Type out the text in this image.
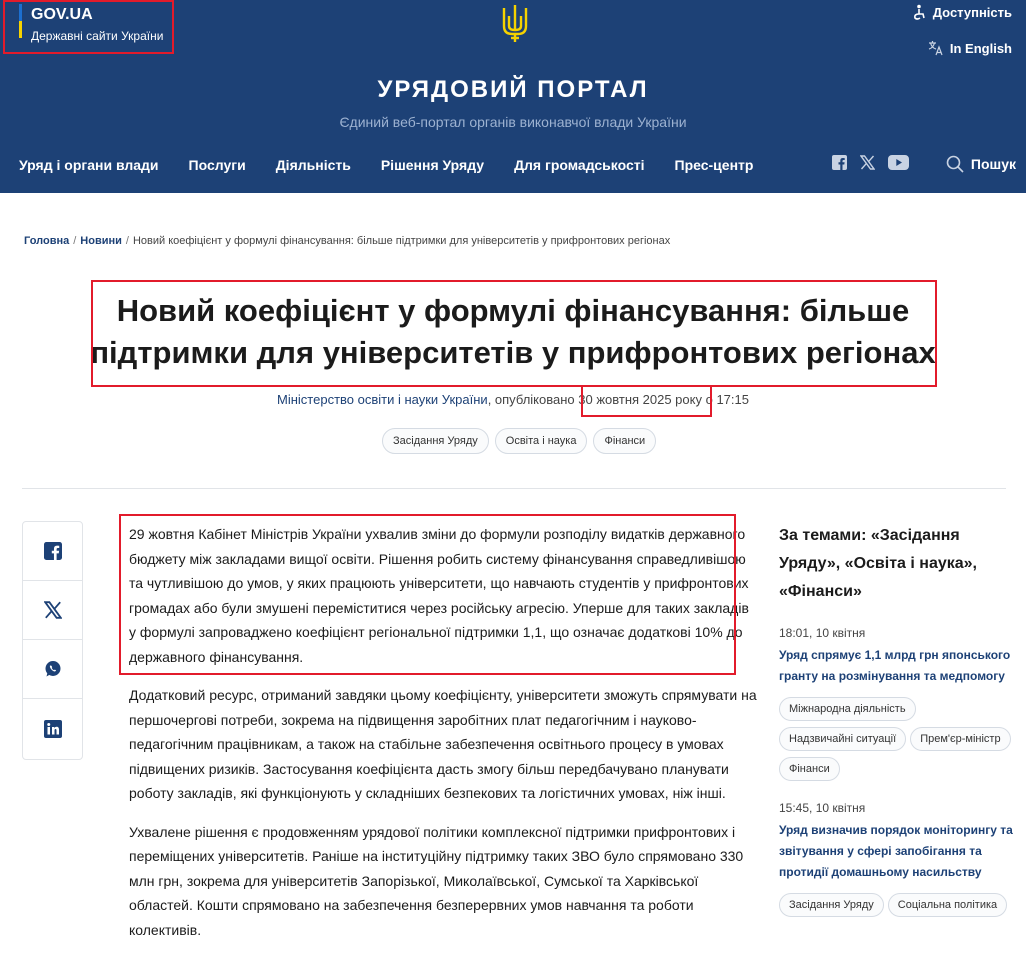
GOV.UA
Державні сайти України
Доступність
In English
УРЯДОВИЙ ПОРТАЛ
Єдиний веб-портал органів виконавчої влади України
Уряд і органи влади Послуги Діяльність Рішення Уряду Для громадськості Прес-центр	Пошук
Головна / Новини / Новий коефіцієнт у формулі фінансування: більше підтримки для університетів у прифронтових регіонах
Новий коефіцієнт у формулі фінансування: більше
підтримки для університетів у прифронтових регіонах
Міністерство освіти і науки України, опубліковано 30 жовтня 2025 року о 17:15
Засідання Уряду	Освіта і наука	Фінанси

29 жовтня Кабінет Міністрів України ухвалив зміни до формули розподілу видатків державного бюджету між закладами вищої освіти. Рішення робить систему фінансування справедливішою та чутливішою до умов, у яких працюють університети, що навчають студентів у прифронтових громадах або були змушені переміститися через російську агресію. Уперше для таких закладів у формулі запроваджено коефіцієнт регіональної підтримки 1,1, що означає додаткові 10% до державного фінансування.

Додатковий ресурс, отриманий завдяки цьому коефіцієнту, університети зможуть спрямувати на першочергові потреби, зокрема на підвищення заробітних плат педагогічним і науково-педагогічним працівникам, а також на стабільне забезпечення освітнього процесу в умовах підвищених ризиків. Застосування коефіцієнта дасть змогу більш передбачувано планувати роботу закладів, які функціонують у складніших безпекових та логістичних умовах, ніж інші.

Ухвалене рішення є продовженням урядової політики комплексної підтримки прифронтових і переміщених університетів. Раніше на інституційну підтримку таких ЗВО було спрямовано 330 млн грн, зокрема для університетів Запорізької, Миколаївської, Сумської та Харківської областей. Кошти спрямовано на забезпечення безперервних умов навчання та роботи колективів.

За темами: «Засідання Уряду», «Освіта і наука», «Фінанси»
18:01, 10 квітня
Уряд спрямує 1,1 млрд грн японського гранту на розмінування та медпомогу
Міжнародна діяльність
Надзвичайні ситуації	Прем'єр-міністр
Фінанси
15:45, 10 квітня
Уряд визначив порядок моніторингу та звітування у сфері запобігання та протидії домашньому насильству
Засідання Уряду	Соціальна політика
